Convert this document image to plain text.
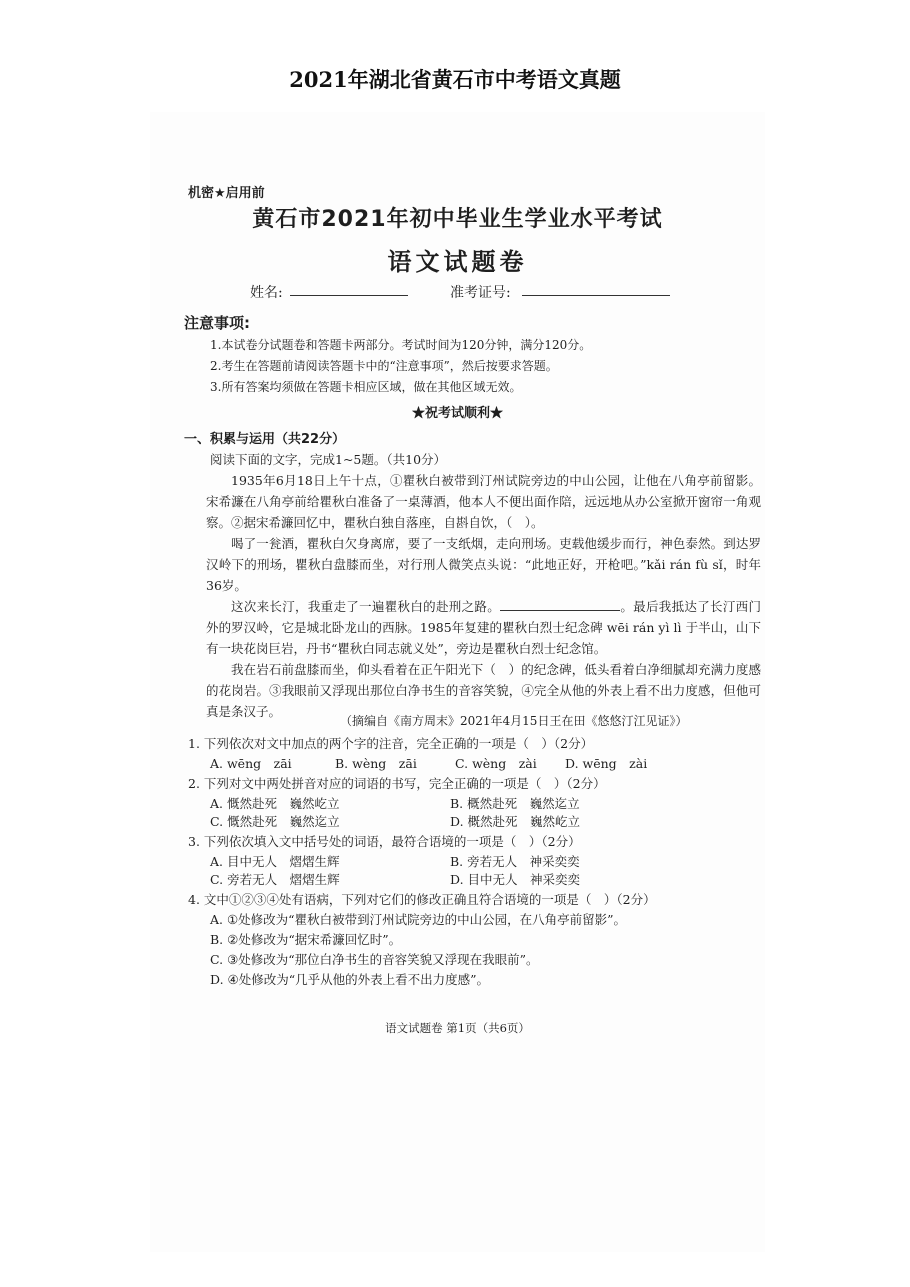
2021年湖北省黄石市中考语文真题
机密★启用前
黄石市2021年初中毕业生学业水平考试
语文试题卷
姓名:	准考证号:
注意事项:
1.本试卷分试题卷和答题卡两部分。考试时间为120分钟，满分120分。
2.考生在答题前请阅读答题卡中的“注意事项”，然后按要求答题。
3.所有答案均须做在答题卡相应区域，做在其他区域无效。
★祝考试顺利★
一、积累与运用（共22分）
阅读下面的文字，完成1~5题。（共10分）
1935年6月18日上午十点，①瞿秋白被带到汀州试院旁边的中山公园，让他在八角亭前留影。宋希濂在八角亭前给瞿秋白准备了一桌薄酒，他本人不便出面作陪，远远地从办公室掀开窗帘一角观察。②据宋希濂回忆中，瞿秋白独自落座，自斟自饮，（　）。
喝了一瓮酒，瞿秋白欠身离席，要了一支纸烟，走向刑场。吏载他缓步而行，神色泰然。到达罗汉岭下的刑场，瞿秋白盘膝而坐，对行刑人微笑点头说：“此地正好，开枪吧。”kǎi rán fù sǐ，时年36岁。
这次来长汀，我重走了一遍瞿秋白的赴刑之路。	。最后我抵达了长汀西门外的罗汉岭，它是城北卧龙山的西脉。1985年复建的瞿秋白烈士纪念碑 wēi rán yì lì 于半山，山下有一块花岗巨岩，丹书“瞿秋白同志就义处”，旁边是瞿秋白烈士纪念馆。
我在岩石前盘膝而坐，仰头看着在正午阳光下（　）的纪念碑，低头看着白净细腻却充满力度感的花岗岩。③我眼前又浮现出那位白净书生的音容笑貌，④完全从他的外表上看不出力度感，但他可真是条汉子。
（摘编自《南方周末》2021年4月15日王在田《悠悠汀江见证》）
1. 下列依次对文中加点的两个字的注音，完全正确的一项是（　）（2分）
A. wēng　zāi	B. wèng　zāi	C. wèng　zài D. wēng　zài
2. 下列对文中两处拼音对应的词语的书写，完全正确的一项是（　）（2分）
A. 慨然赴死　巍然屹立	B. 概然赴死　巍然迄立
C. 慨然赴死　巍然迄立	D. 概然赴死　巍然屹立
3. 下列依次填入文中括号处的词语，最符合语境的一项是（　）（2分）
A. 目中无人　熠熠生辉	B. 旁若无人　神采奕奕
C. 旁若无人　熠熠生辉	D. 目中无人　神采奕奕
4. 文中①②③④处有语病，下列对它们的修改正确且符合语境的一项是（　）（2分）
A. ①处修改为“瞿秋白被带到汀州试院旁边的中山公园，在八角亭前留影”。
B. ②处修改为“据宋希濂回忆时”。
C. ③处修改为“那位白净书生的音容笑貌又浮现在我眼前”。
D. ④处修改为“几乎从他的外表上看不出力度感”。
语文试题卷 第1页（共6页）
